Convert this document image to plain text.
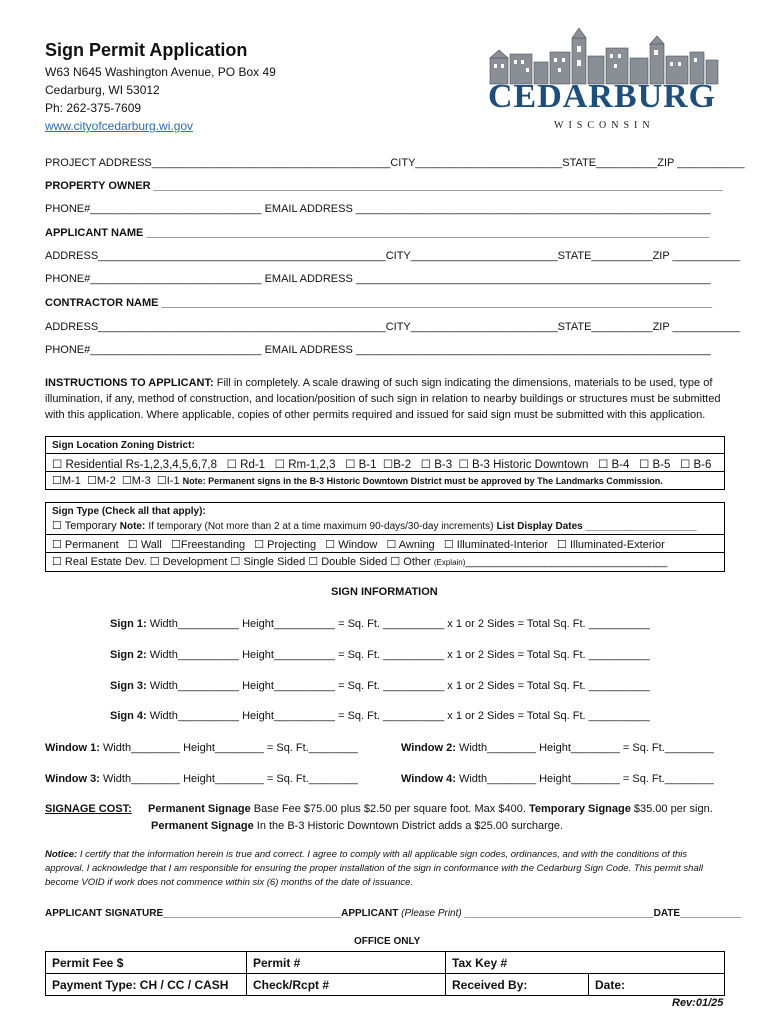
Sign Permit Application
W63 N645 Washington Avenue, PO Box 49
Cedarburg, WI 53012
Ph: 262-375-7609
www.cityofcedarburg.wi.gov
CEDARBURG
WISCONSIN
PROJECT ADDRESS_______________________________________CITY________________________STATE__________ZIP ___________
PROPERTY OWNER _____________________________________________________________________________________________
PHONE#____________________________ EMAIL ADDRESS __________________________________________________________
APPLICANT NAME ____________________________________________________________________________________________
ADDRESS_______________________________________________CITY________________________STATE__________ZIP ___________
PHONE#____________________________ EMAIL ADDRESS __________________________________________________________
CONTRACTOR NAME __________________________________________________________________________________________
ADDRESS_______________________________________________CITY________________________STATE__________ZIP ___________
PHONE#____________________________ EMAIL ADDRESS __________________________________________________________
INSTRUCTIONS TO APPLICANT: Fill in completely. A scale drawing of such sign indicating the dimensions, materials to be used, type of illumination, if any, method of construction, and location/position of such sign in relation to nearby buildings or structures must be submitted with this application. Where applicable, copies of other permits required and issued for said sign must be submitted with this application.
Sign Location Zoning District:
☐ Residential Rs-1,2,3,4,5,6,7,8 ☐ Rd-1 ☐ Rm-1,2,3 ☐ B-1 ☐B-2 ☐ B-3 ☐ B-3 Historic Downtown ☐ B-4 ☐ B-5 ☐ B-6
☐M-1 ☐M-2 ☐M-3 ☐I-1 Note: Permanent signs in the B-3 Historic Downtown District must be approved by The Landmarks Commission.
Sign Type (Check all that apply):
☐ Temporary Note: If temporary (Not more than 2 at a time maximum 90-days/30-day increments) List Display Dates ____________________
☐ Permanent ☐ Wall ☐Freestanding ☐ Projecting ☐ Window ☐ Awning ☐ Illuminated-Interior ☐ Illuminated-Exterior
☐ Real Estate Dev. ☐ Development ☐ Single Sided ☐ Double Sided ☐ Other (Explain)_________________________________
SIGN INFORMATION
Sign 1: Width__________ Height__________ = Sq. Ft. __________ x 1 or 2 Sides = Total Sq. Ft. __________
Sign 2: Width__________ Height__________ = Sq. Ft. __________ x 1 or 2 Sides = Total Sq. Ft. __________
Sign 3: Width__________ Height__________ = Sq. Ft. __________ x 1 or 2 Sides = Total Sq. Ft. __________
Sign 4: Width__________ Height__________ = Sq. Ft. __________ x 1 or 2 Sides = Total Sq. Ft. __________
Window 1: Width________ Height________ = Sq. Ft.________	Window 2: Width________ Height________ = Sq. Ft.________
Window 3: Width________ Height________ = Sq. Ft.________	Window 4: Width________ Height________ = Sq. Ft.________
SIGNAGE COST: Permanent Signage Base Fee $75.00 plus $2.50 per square foot. Max $400. Temporary Signage $35.00 per sign.
Permanent Signage In the B-3 Historic Downtown District adds a $25.00 surcharge.
Notice: I certify that the information herein is true and correct. I agree to comply with all applicable sign codes, ordinances, and with the conditions of this approval. I acknowledge that I am responsible for ensuring the proper installation of the sign in conformance with the Cedarburg Sign Code. This permit shall become VOID if work does not commence within six (6) months of the date of issuance.
APPLICANT SIGNATURE________________________________APPLICANT (Please Print) __________________________________DATE___________
OFFICE ONLY
Permit Fee $	Permit #	Tax Key #	
Payment Type: CH / CC / CASH	Check/Rcpt #	Received By:	Date:
Rev:01/25
